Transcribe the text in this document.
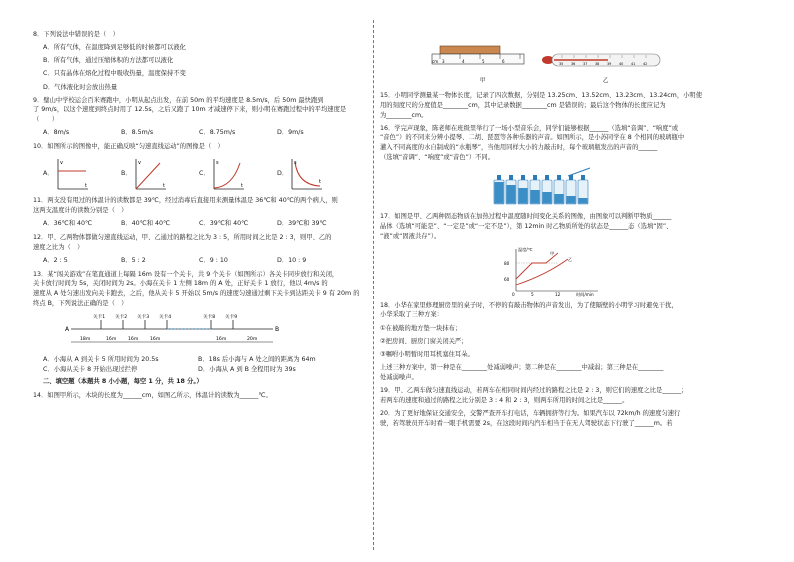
8．下列说法中错误的是（　）

A．所有气体，在温度降到足够低的时候都可以液化

B．所有气体，通过压缩体积的方法都可以液化

C．只有晶体在熔化过程中吸收热量，温度保持不变

D．气体液化时会放出热量

9．璧山中学校运会百米赛跑中，小明从起点出发，在前 50m 的平均速度是 8.5m/s，后 50m 最快跑到

了 9m/s，以这个速度到终点时用了 12.5s，之后又跑了 10m 才减速停下来，则小明在赛跑过程中的平均速度是（　　）

A．8m/s	B．8.5m/s	C．8.75m/s	D．9m/s

10．如图所示的图像中，能正确反映“匀速直线运动”的图像是（　）

A．
v
t
B．
v
t
C．
s
t
D．
s
t

11．两支没有甩过的体温计的读数都是 39℃，经过消毒后直接用来测量体温是 36℃和 40℃的两个病人，则

这两支温度计的读数分别是（　）

A．36℃和 40℃	B．40℃和 40℃	C．39℃和 40℃	D．39℃和 39℃

12．甲、乙两物体都做匀速直线运动，甲、乙通过的路程之比为 3 : 5，所用时间之比是 2 : 3，则甲、乙的

速度之比为（　）

A．2 : 5	B．5 : 2	C．9 : 10	D．10 : 9

13．某“闯关游戏”在笔直通道上每隔 16m 设有一个关卡，共 9 个关卡（如图所示）各关卡同步放行和关闭，

关卡放行时间为 5s，关闭时间为 2s。小海在关卡 1 左侧 18m 的 A 处，正好关卡 1 放行，他以 4m/s 的

速度从 A 处匀速出发向关卡跑去，之后，他从关卡 5 开始以 5m/s 的速度匀速通过剩下关卡到达距关卡 9 有 20m 的

终点 B，下列说法正确的是（　）

A	B
关卡1 关卡2 关卡3 关卡4	关卡8 关卡9
18m	16m	16m	16m	16m	20m
A．小海从 A 到关卡 5 所用时间为 20.5s	B．18s 后小海与 A 处之间的距离为 64m
C．小海从关卡 8 开始出现过拦停	D．小海从 A 到 B 全程用时为 39s

二、填空题（本题共 8 小小题，每空 1 分，共 18 分。）

14．如图甲所示，木块的长度为______cm，如图乙所示，体温计的读数为______℃。

cm 3	4	5	6	35 36 37 38 39 40 41 42
甲	乙

15．小明同学测量某一物体长度，记录了四次数据，分别是 13.25cm、13.52cm、13.23cm、13.24cm，小明使

用的刻度尺的分度值是________cm，其中记录数据________cm 是错误的；最后这个物体的长度应记为

为________cm。

16．学完声现象，陈老师在班级里举行了一场小型音乐会，同学们能够根据______（选填“音调”、“响度”或

“音色”）的不同来分辨小提琴、二胡、琵琶等各种乐器的声音。如图所示，是小苏同学在 8 个相同的玻璃瓶中

灌入不同高度的水自制成的“水瓶琴”，当他用同样大小的力敲击时，每个玻璃瓶发出的声音的______

（选填“音调”、“响度”或“音色”）不同。

17．如图是甲、乙两种固态物质在加热过程中温度随时间变化关系的图像，由图象可以判断甲物质______

晶体（选填“可能是”、“一定是”或“一定不是”），第 12min 时乙物质所处的状态是______态（选填“固”、

“液”或“固液共存”）。

温度/℃
时间/min
80
60
0	5	12
甲
乙

18．小华在家里修理厨房里的桌子时，不停的有敲击物体的声音发出，为了使隔壁的小明学习时避免干扰，

小华采取了三种方案：

①在被敲的地方垫一块抹布；

②把房间、厨房门窗关闭关严；

③嘱咐小明暂时用耳机塞住耳朵。

上述三种方案中，第一种是在________处减弱噪声；第二种是在________中减弱；第三种是在________

处减弱噪声。

19．甲、乙两车做匀速直线运动，若两车在相同时间内经过的路程之比是 2 : 3，则它们的速度之比是______；

若两车的速度和通过的路程之比分别是 3 : 4 和 2 : 3，则两车所用的时间之比是______。

20．为了更好地保证交通安全，交警严查开车打电话，车辆拥挤等行为。如果汽车以 72km/h 的速度匀速行

驶，若驾驶员开车时看一眼手机需要 2s，在这段时间内汽车相当于在无人驾驶状态下行驶了______m。若
